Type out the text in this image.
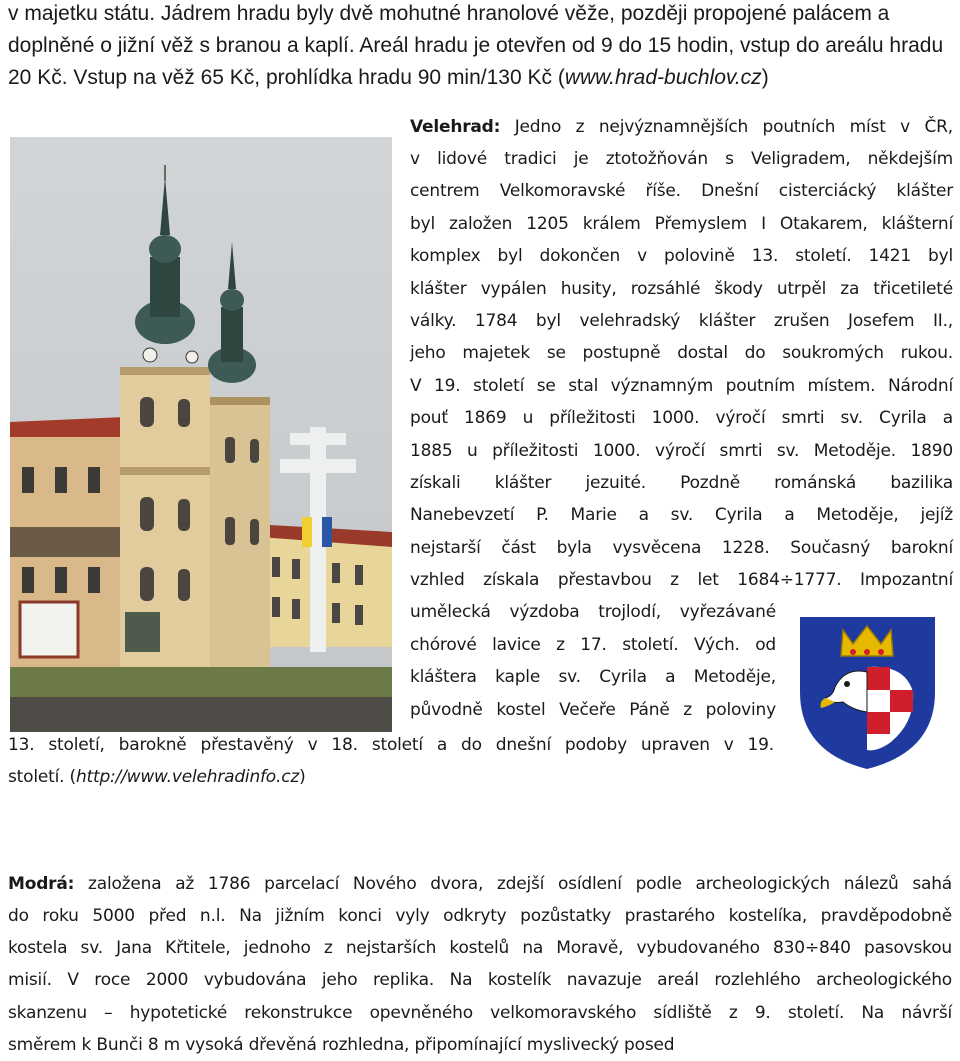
v majetku státu. Jádrem hradu byly dvě mohutné hranolové věže, později propojené palácem a
doplněné o jižní věž s branou a kaplí. Areál hradu je otevřen od 9 do 15 hodin, vstup do areálu hradu
20 Kč. Vstup na věž 65 Kč, prohlídka hradu 90 min/130 Kč (www.hrad-buchlov.cz)
Velehrad: Jedno z nejvýznamnějších poutních míst v ČR,
v lidové tradici je ztotožňován s Veligradem, někdejším
centrem Velkomoravské říše. Dnešní cisterciácký klášter
byl založen 1205 králem Přemyslem I Otakarem, klášterní
komplex byl dokončen v polovině 13. století. 1421 byl
klášter vypálen husity, rozsáhlé škody utrpěl za třicetileté
války. 1784 byl velehradský klášter zrušen Josefem II.,
jeho majetek se postupně dostal do soukromých rukou.
V 19. století se stal významným poutním místem. Národní
pouť 1869 u příležitosti 1000. výročí smrti sv. Cyrila a
1885 u příležitosti 1000. výročí smrti sv. Metoděje. 1890
získali klášter jezuité. Pozdně románská bazilika
Nanebevzetí P. Marie a sv. Cyrila a Metoděje, jejíž
nejstarší část byla vysvěcena 1228. Současný barokní
vzhled získala přestavbou z let 1684÷1777. Impozantní
umělecká výzdoba trojlodí, vyřezávané
chórové lavice z 17. století. Vých. od
kláštera kaple sv. Cyrila a Metoděje,
původně kostel Večeře Páně z poloviny
13. století, barokně přestavěný v 18. století a do dnešní podoby upraven v 19.
století. (http://www.velehradinfo.cz)
Modrá: založena až 1786 parcelací Nového dvora, zdejší osídlení podle archeologických nálezů sahá
do roku 5000 před n.l. Na jižním konci vyly odkryty pozůstatky prastarého kostelíka, pravděpodobně
kostela sv. Jana Křtitele, jednoho z nejstarších kostelů na Moravě, vybudovaného 830÷840 pasovskou
misií. V roce 2000 vybudována jeho replika. Na kostelík navazuje areál rozlehlého archeologického
skanzenu – hypotetické rekonstrukce opevněného velkomoravského sídliště z 9. století. Na návrší
směrem k Bunči 8 m vysoká dřevěná rozhledna, připomínající myslivecký posed
